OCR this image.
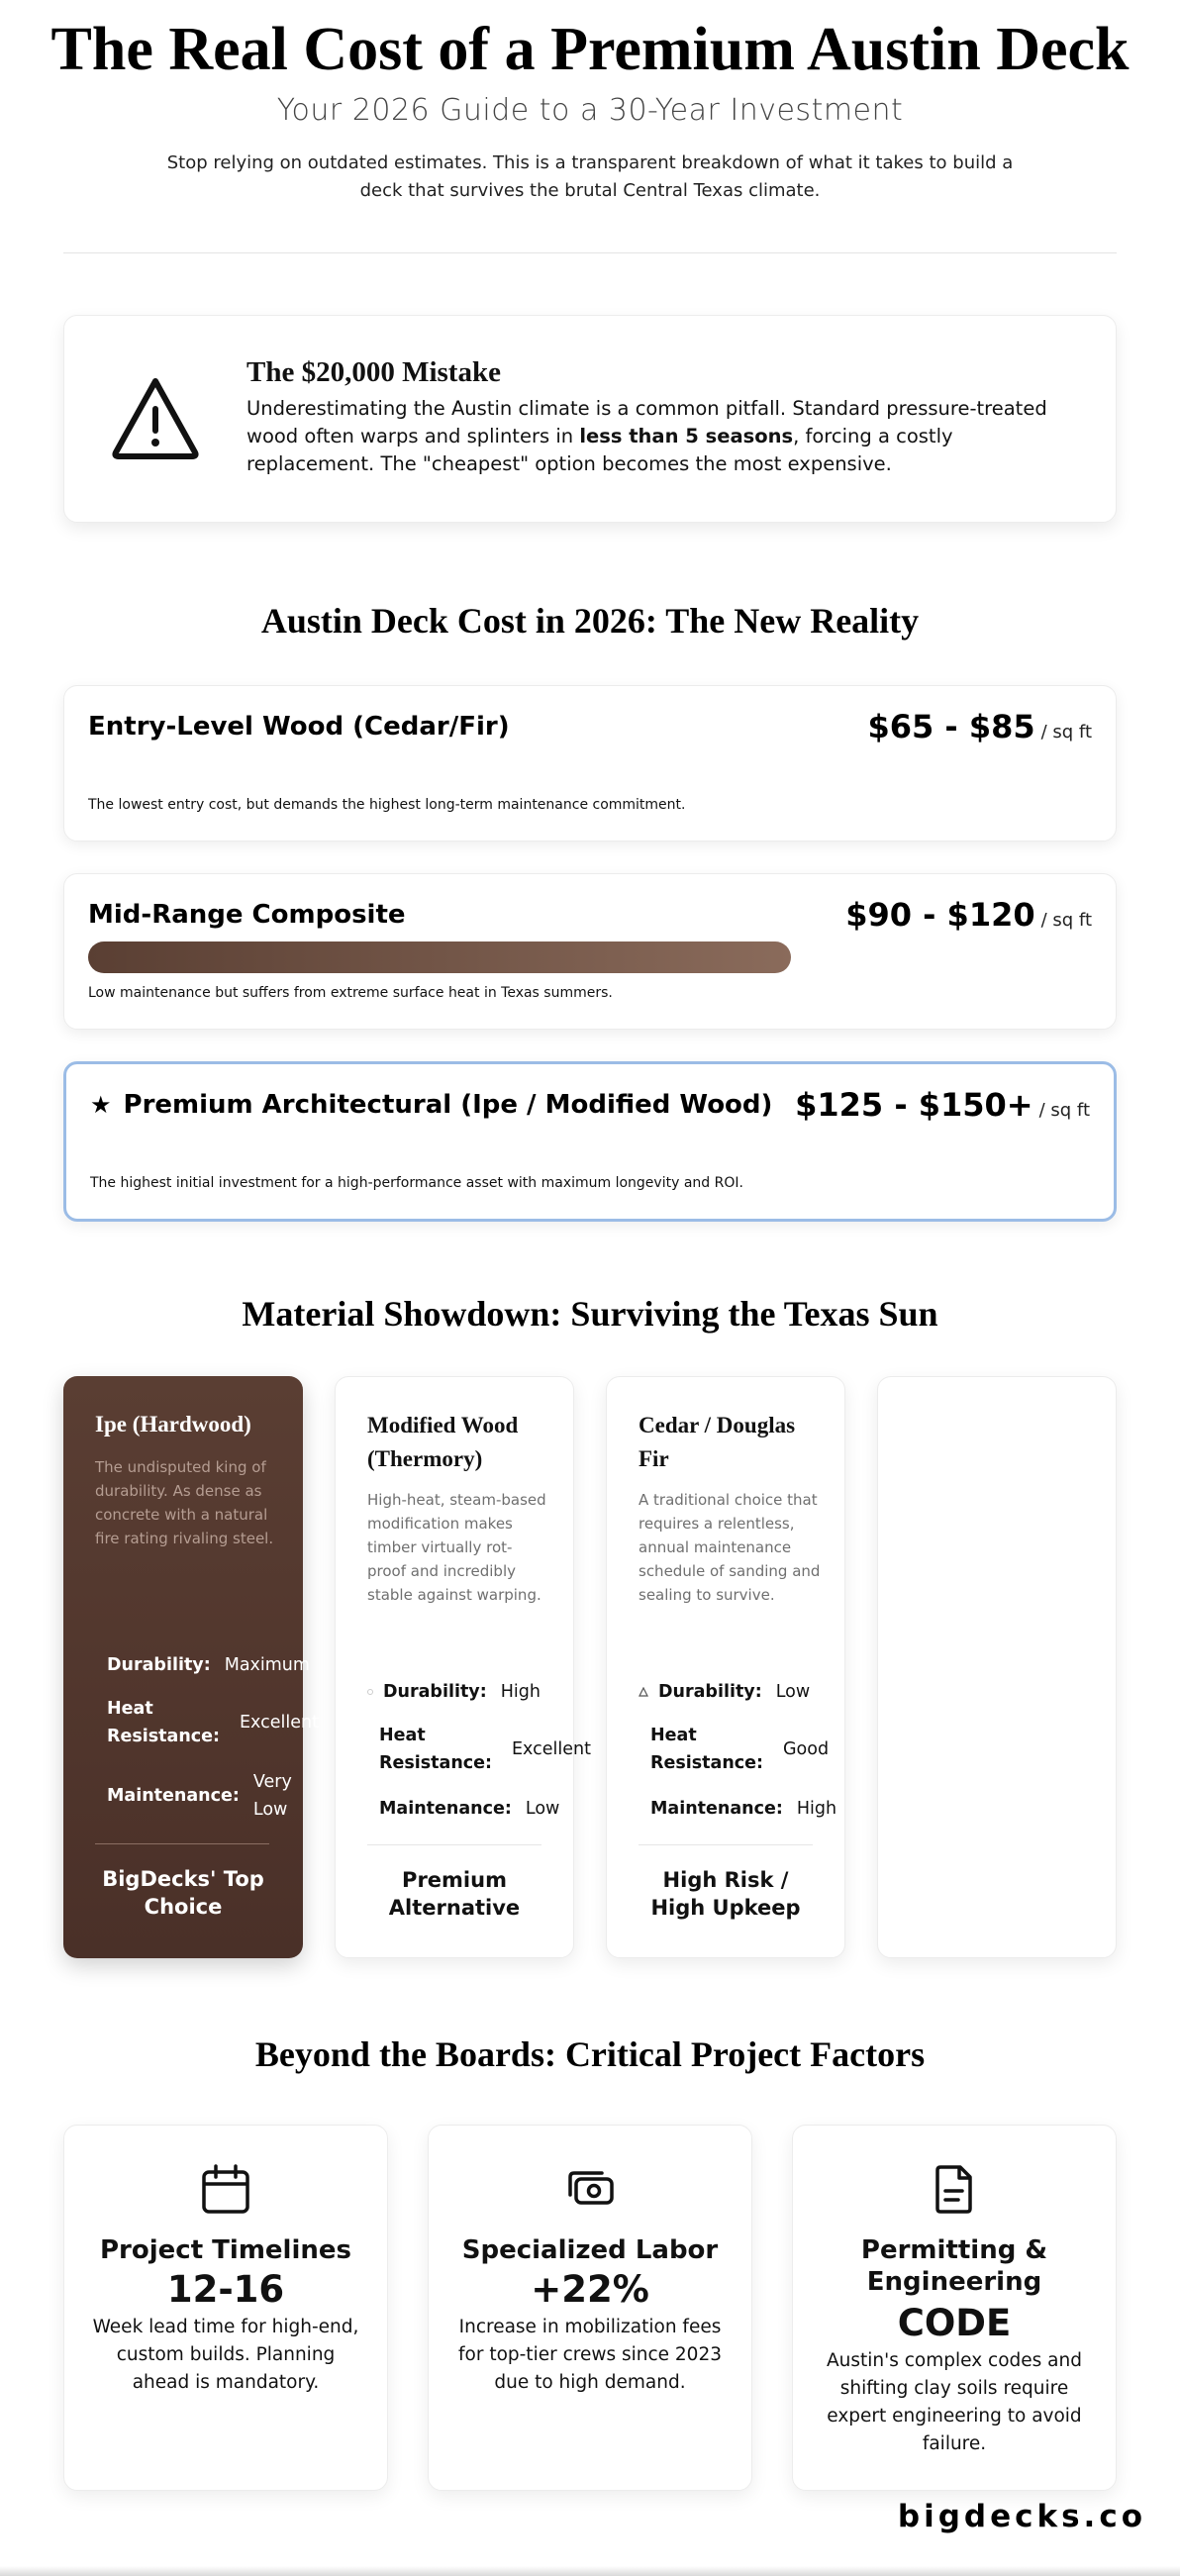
The Real Cost of a Premium Austin Deck
Your 2026 Guide to a 30-Year Investment

Stop relying on outdated estimates. This is a transparent breakdown of what it takes to build a deck that survives the brutal Central Texas climate.

The $20,000 Mistake

Underestimating the Austin climate is a common pitfall. Standard pressure-treated wood often warps and splinters in less than 5 seasons, forcing a costly replacement. The "cheapest" option becomes the most expensive.

Austin Deck Cost in 2026: The New Reality
Entry-Level Wood (Cedar/Fir)	$65 - $85 / sq ft
The lowest entry cost, but demands the highest long-term maintenance commitment.
Mid-Range Composite	$90 - $120 / sq ft
Low maintenance but suffers from extreme surface heat in Texas summers.
★ Premium Architectural (Ipe / Modified Wood) $125 - $150+ / sq ft
The highest initial investment for a high-performance asset with maximum longevity and ROI.
Material Showdown: Surviving the Texas Sun
Ipe (Hardwood)
The undisputed king of durability. As dense as concrete with a natural fire rating rivaling steel.
Durability: Maximum
Heat Resistance:
Excellent
Maintenance:
Very Low
BigDecks' Top Choice
Modified Wood (Thermory)
High-heat, steam-based modification makes timber virtually rot-proof and incredibly stable against warping.
Durability: High
Heat Resistance:
Excellent
Maintenance: Low
Premium Alternative
Cedar / Douglas Fir
A traditional choice that requires a relentless, annual maintenance schedule of sanding and sealing to survive.
Durability: Low
Heat Resistance:
Good
Maintenance: High
High Risk / High Upkeep
Beyond the Boards: Critical Project Factors
Project Timelines
12-16
Week lead time for high-end, custom builds. Planning ahead is mandatory.
Specialized Labor
+22%
Increase in mobilization fees for top-tier crews since 2023 due to high demand.
Permitting & Engineering
CODE
Austin's complex codes and shifting clay soils require expert engineering to avoid failure.
bigdecks.co
